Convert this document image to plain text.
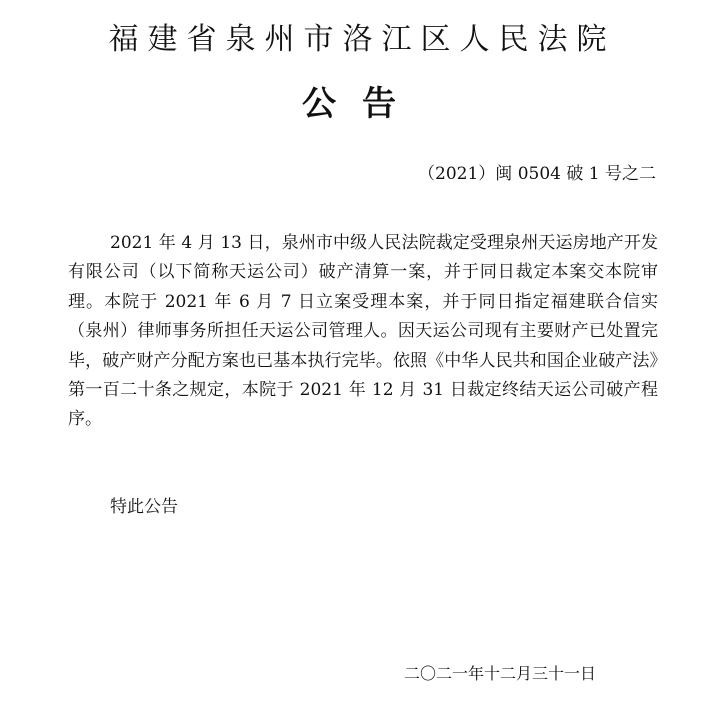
福建省泉州市洛江区人民法院
公告
（2021）闽 0504 破 1 号之二

2021 年 4 月 13 日，泉州市中级人民法院裁定受理泉州天运房地产开发有限公司（以下简称天运公司）破产清算一案，并于同日裁定本案交本院审理。本院于 2021 年 6 月 7 日立案受理本案，并于同日指定福建联合信实（泉州）律师事务所担任天运公司管理人。因天运公司现有主要财产已处置完毕，破产财产分配方案也已基本执行完毕。依照《中华人民共和国企业破产法》第一百二十条之规定，本院于 2021 年 12 月 31 日裁定终结天运公司破产程序。

特此公告
二〇二一年十二月三十一日
